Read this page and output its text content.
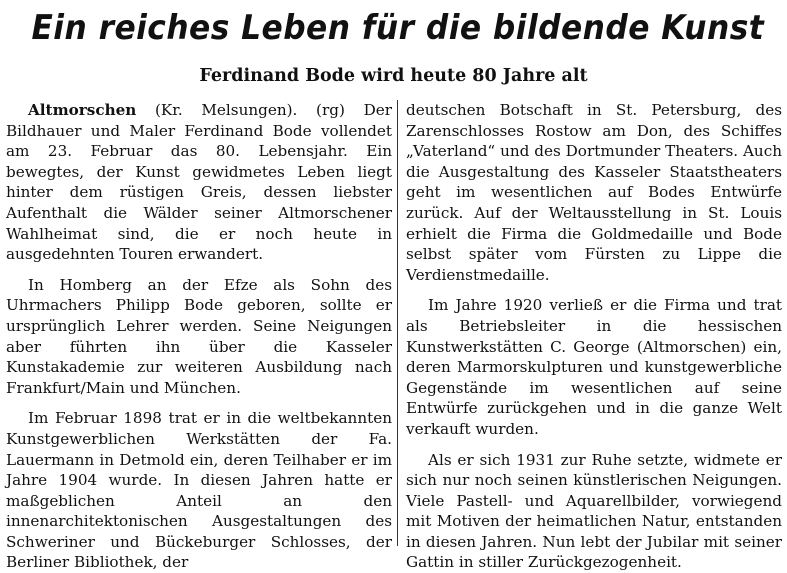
Ein reiches Leben für die bildende Kunst
Ferdinand Bode wird heute 80 Jahre alt

Altmorschen (Kr. Melsungen). (rg) Der Bildhauer und Maler Ferdinand Bode vollendet am 23. Februar das 80. Lebensjahr. Ein bewegtes, der Kunst gewidmetes Leben liegt hinter dem rüstigen Greis, dessen liebster Aufenthalt die Wälder seiner Altmorschener Wahlheimat sind, die er noch heute in ausgedehnten Touren erwandert.

In Homberg an der Efze als Sohn des Uhrmachers Philipp Bode geboren, sollte er ursprünglich Lehrer werden. Seine Neigungen aber führten ihn über die Kasseler Kunstakademie zur weiteren Ausbildung nach Frankfurt/Main und München.

Im Februar 1898 trat er in die weltbekannten Kunstgewerblichen Werkstätten der Fa. Lauermann in Detmold ein, deren Teilhaber er im Jahre 1904 wurde. In diesen Jahren hatte er maßgeblichen Anteil an den innenarchitektonischen Ausgestaltungen des Schweriner und Bückeburger Schlosses, der Berliner Bibliothek, der

deutschen Botschaft in St. Petersburg, des Zarenschlosses Rostow am Don, des Schiffes „Vaterland“ und des Dortmunder Theaters. Auch die Ausgestaltung des Kasseler Staatstheaters geht im wesentlichen auf Bodes Entwürfe zurück. Auf der Weltausstellung in St. Louis erhielt die Firma die Goldmedaille und Bode selbst später vom Fürsten zu Lippe die Verdienstmedaille.

Im Jahre 1920 verließ er die Firma und trat als Betriebsleiter in die hessischen Kunstwerkstätten C. George (Altmorschen) ein, deren Marmorskulpturen und kunstgewerbliche Gegenstände im wesentlichen auf seine Entwürfe zurückgehen und in die ganze Welt verkauft wurden.

Als er sich 1931 zur Ruhe setzte, widmete er sich nur noch seinen künstlerischen Neigungen. Viele Pastell- und Aquarellbilder, vorwiegend mit Motiven der heimatlichen Natur, entstanden in diesen Jahren. Nun lebt der Jubilar mit seiner Gattin in stiller Zurückgezogenheit.
